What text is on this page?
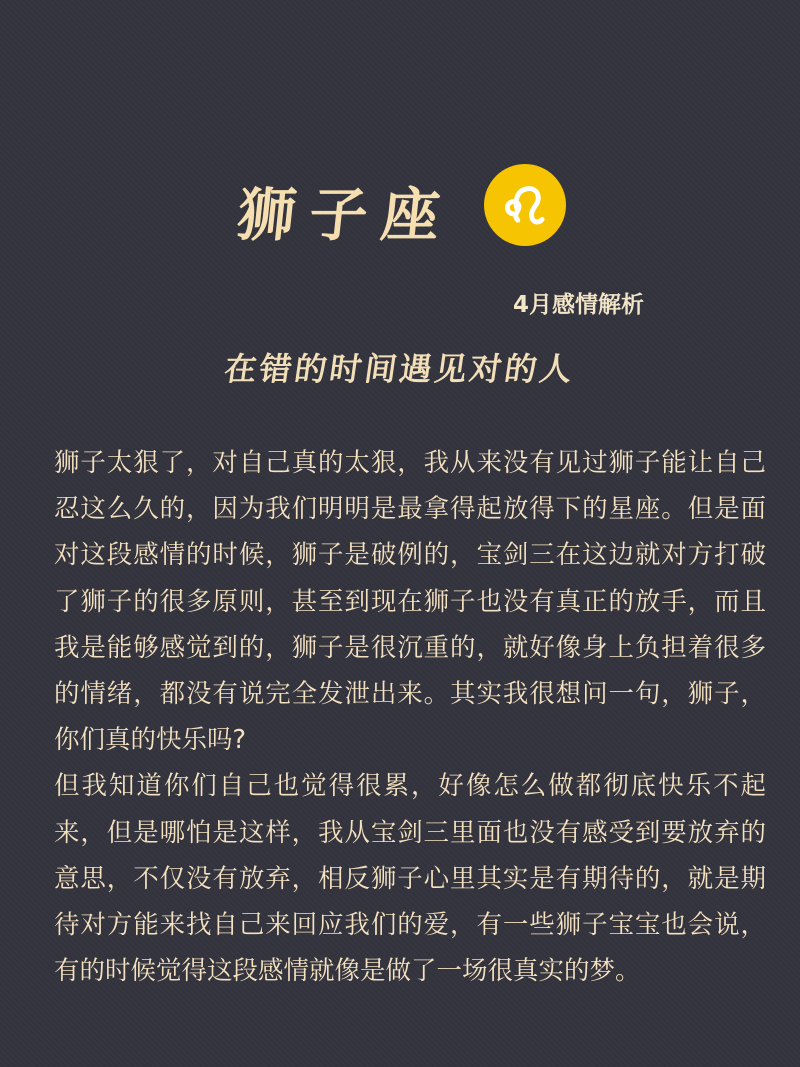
狮子座
4月感情解析
在错的时间遇见对的人

狮子太狠了，对自己真的太狠，我从来没有见过狮子能让自己忍这么久的，因为我们明明是最拿得起放得下的星座。但是面对这段感情的时候，狮子是破例的，宝剑三在这边就对方打破了狮子的很多原则，甚至到现在狮子也没有真正的放手，而且我是能够感觉到的，狮子是很沉重的，就好像身上负担着很多的情绪，都没有说完全发泄出来。其实我很想问一句，狮子，你们真的快乐吗?

但我知道你们自己也觉得很累，好像怎么做都彻底快乐不起来，但是哪怕是这样，我从宝剑三里面也没有感受到要放弃的意思，不仅没有放弃，相反狮子心里其实是有期待的，就是期待对方能来找自己来回应我们的爱，有一些狮子宝宝也会说，有的时候觉得这段感情就像是做了一场很真实的梦。
